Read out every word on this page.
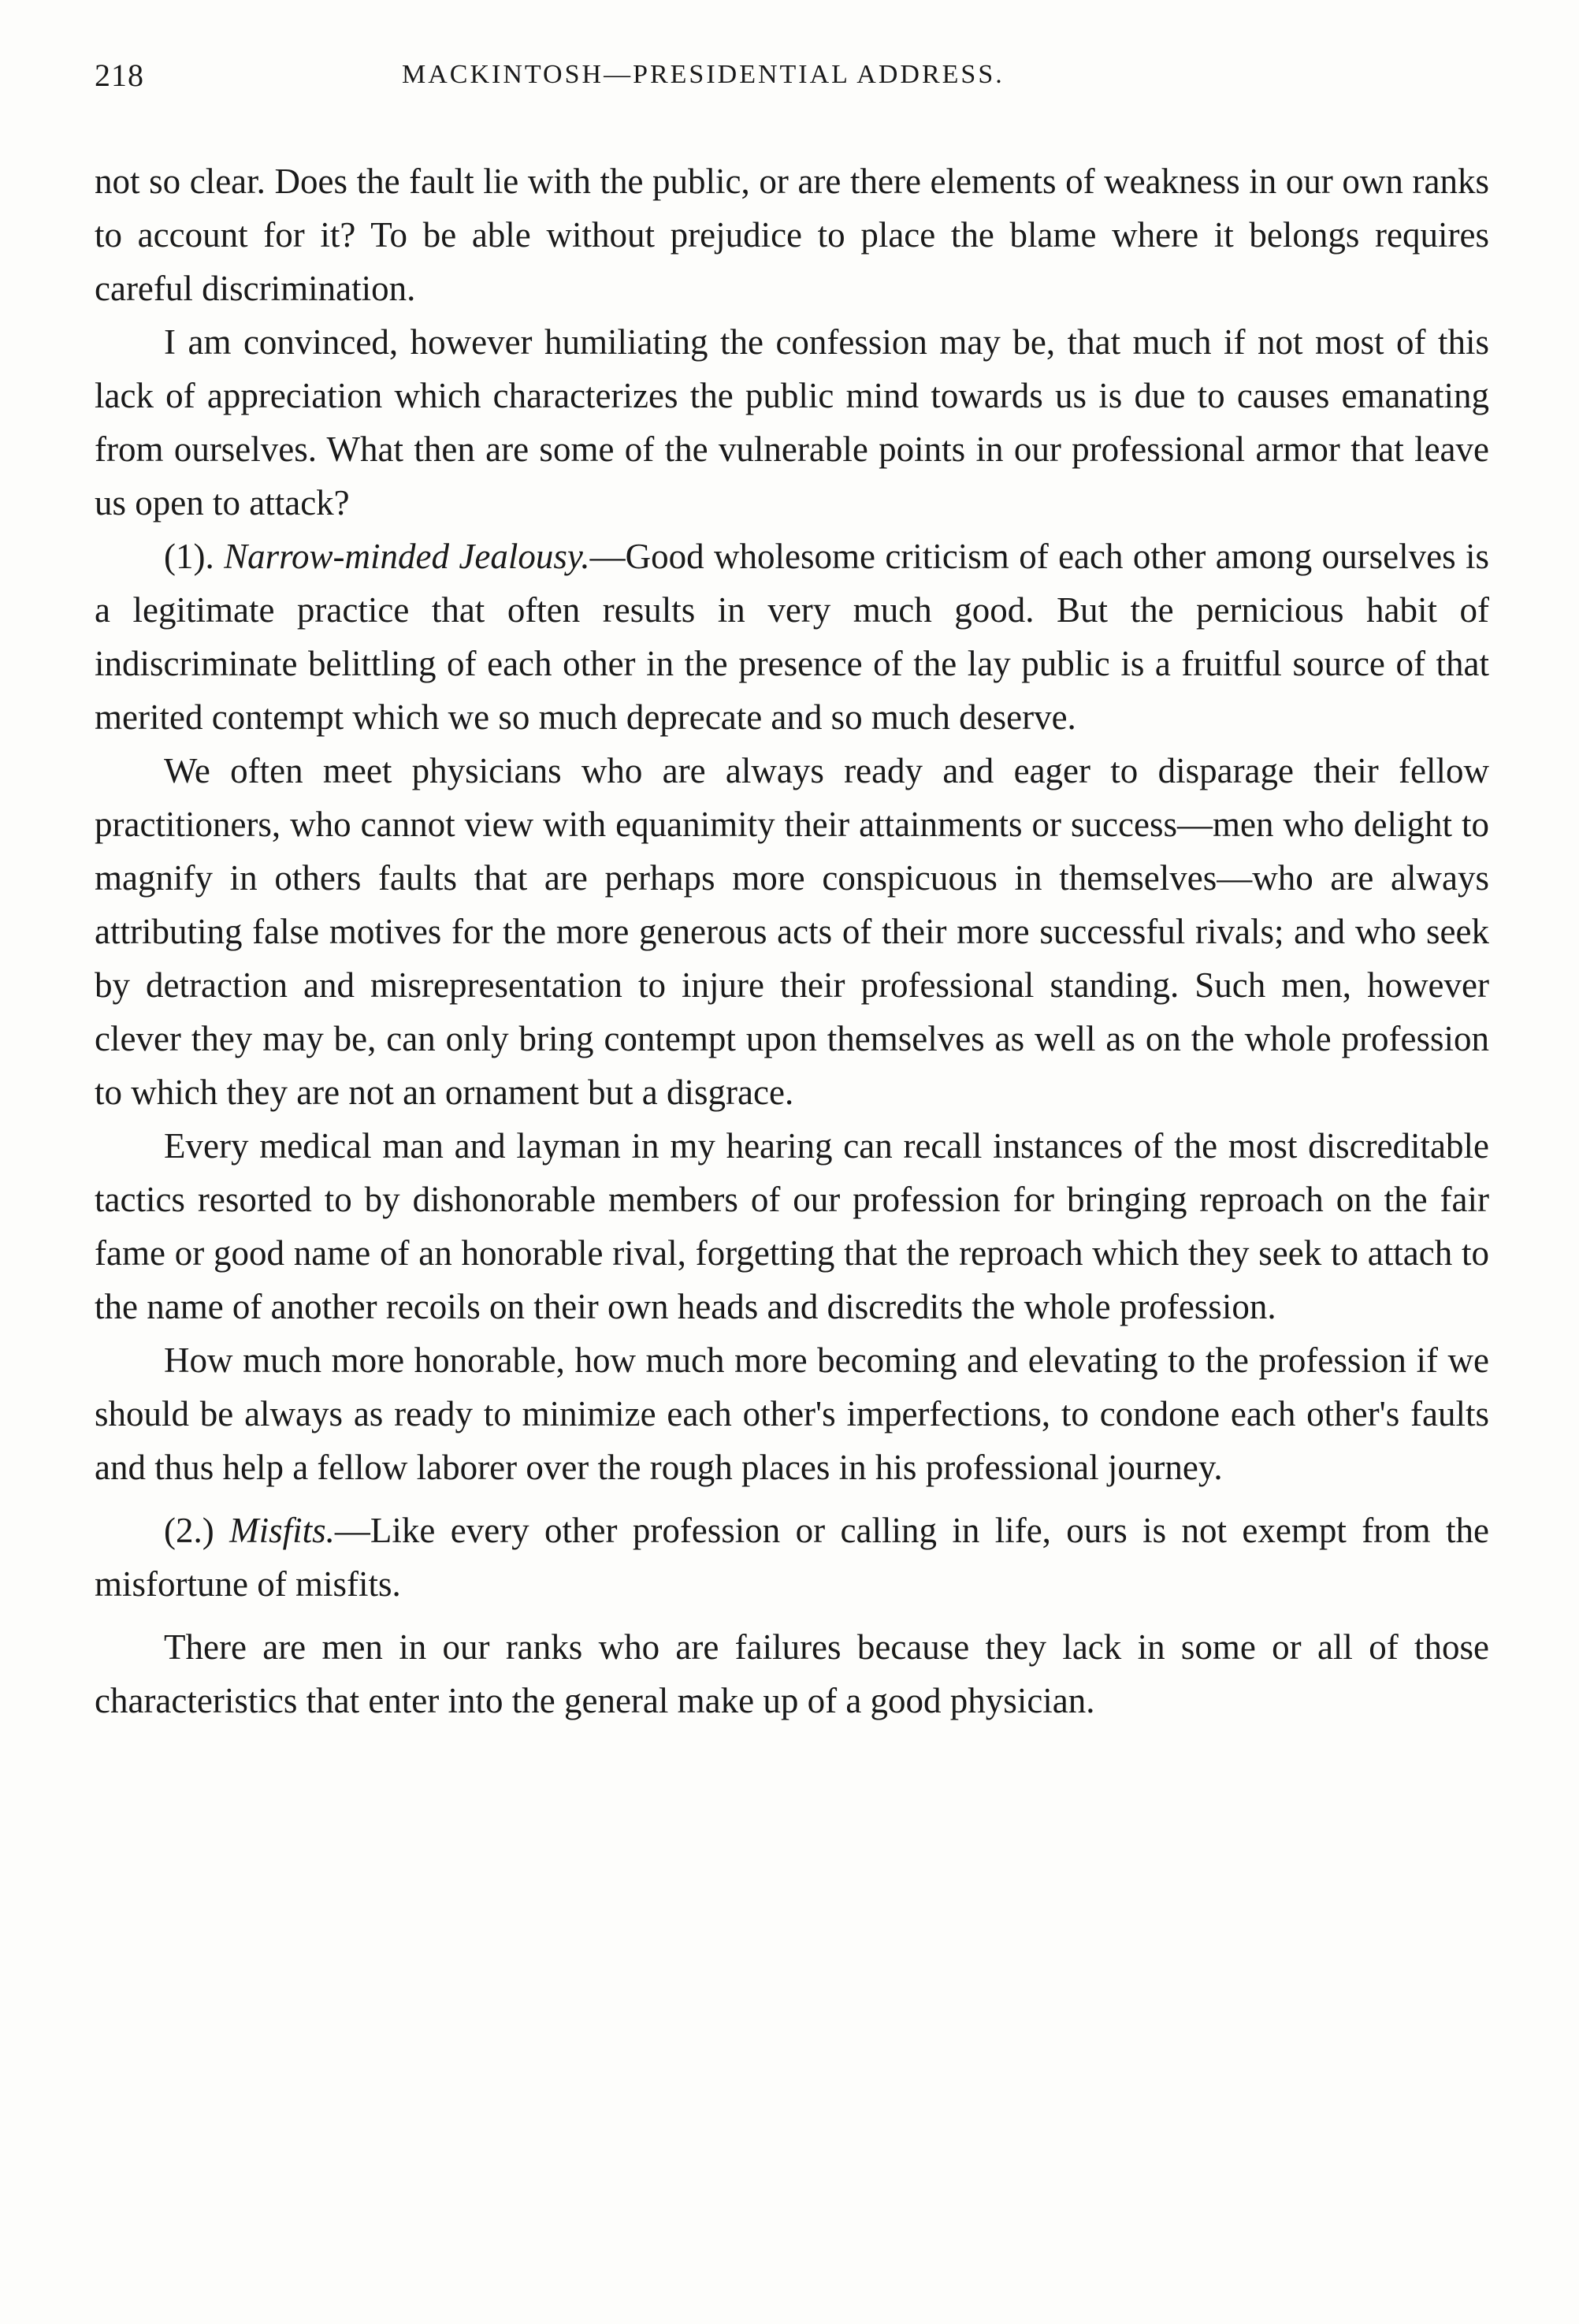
218	MACKINTOSH—PRESIDENTIAL ADDRESS.

not so clear. Does the fault lie with the public, or are there elements of weakness in our own ranks to account for it? To be able without prejudice to place the blame where it belongs requires careful discrimination.

I am convinced, however humiliating the confession may be, that much if not most of this lack of appreciation which characterizes the public mind towards us is due to causes emanating from ourselves. What then are some of the vulnerable points in our professional armor that leave us open to attack?

(1). Narrow-minded Jealousy.—Good wholesome criticism of each other among ourselves is a legitimate practice that often results in very much good. But the pernicious habit of indiscriminate belittling of each other in the presence of the lay public is a fruitful source of that merited contempt which we so much deprecate and so much deserve.

We often meet physicians who are always ready and eager to disparage their fellow practitioners, who cannot view with equanimity their attainments or success—men who delight to magnify in others faults that are perhaps more conspicuous in themselves—who are always attributing false motives for the more generous acts of their more successful rivals; and who seek by detraction and misrepresentation to injure their professional standing. Such men, however clever they may be, can only bring contempt upon themselves as well as on the whole profession to which they are not an ornament but a disgrace.

Every medical man and layman in my hearing can recall instances of the most discreditable tactics resorted to by dishonorable members of our profession for bringing reproach on the fair fame or good name of an honorable rival, forgetting that the reproach which they seek to attach to the name of another recoils on their own heads and discredits the whole profession.

How much more honorable, how much more becoming and elevating to the profession if we should be always as ready to minimize each other's imperfections, to condone each other's faults and thus help a fellow laborer over the rough places in his professional journey.

(2.) Misfits.—Like every other profession or calling in life, ours is not exempt from the misfortune of misfits.

There are men in our ranks who are failures because they lack in some or all of those characteristics that enter into the general make up of a good physician.
